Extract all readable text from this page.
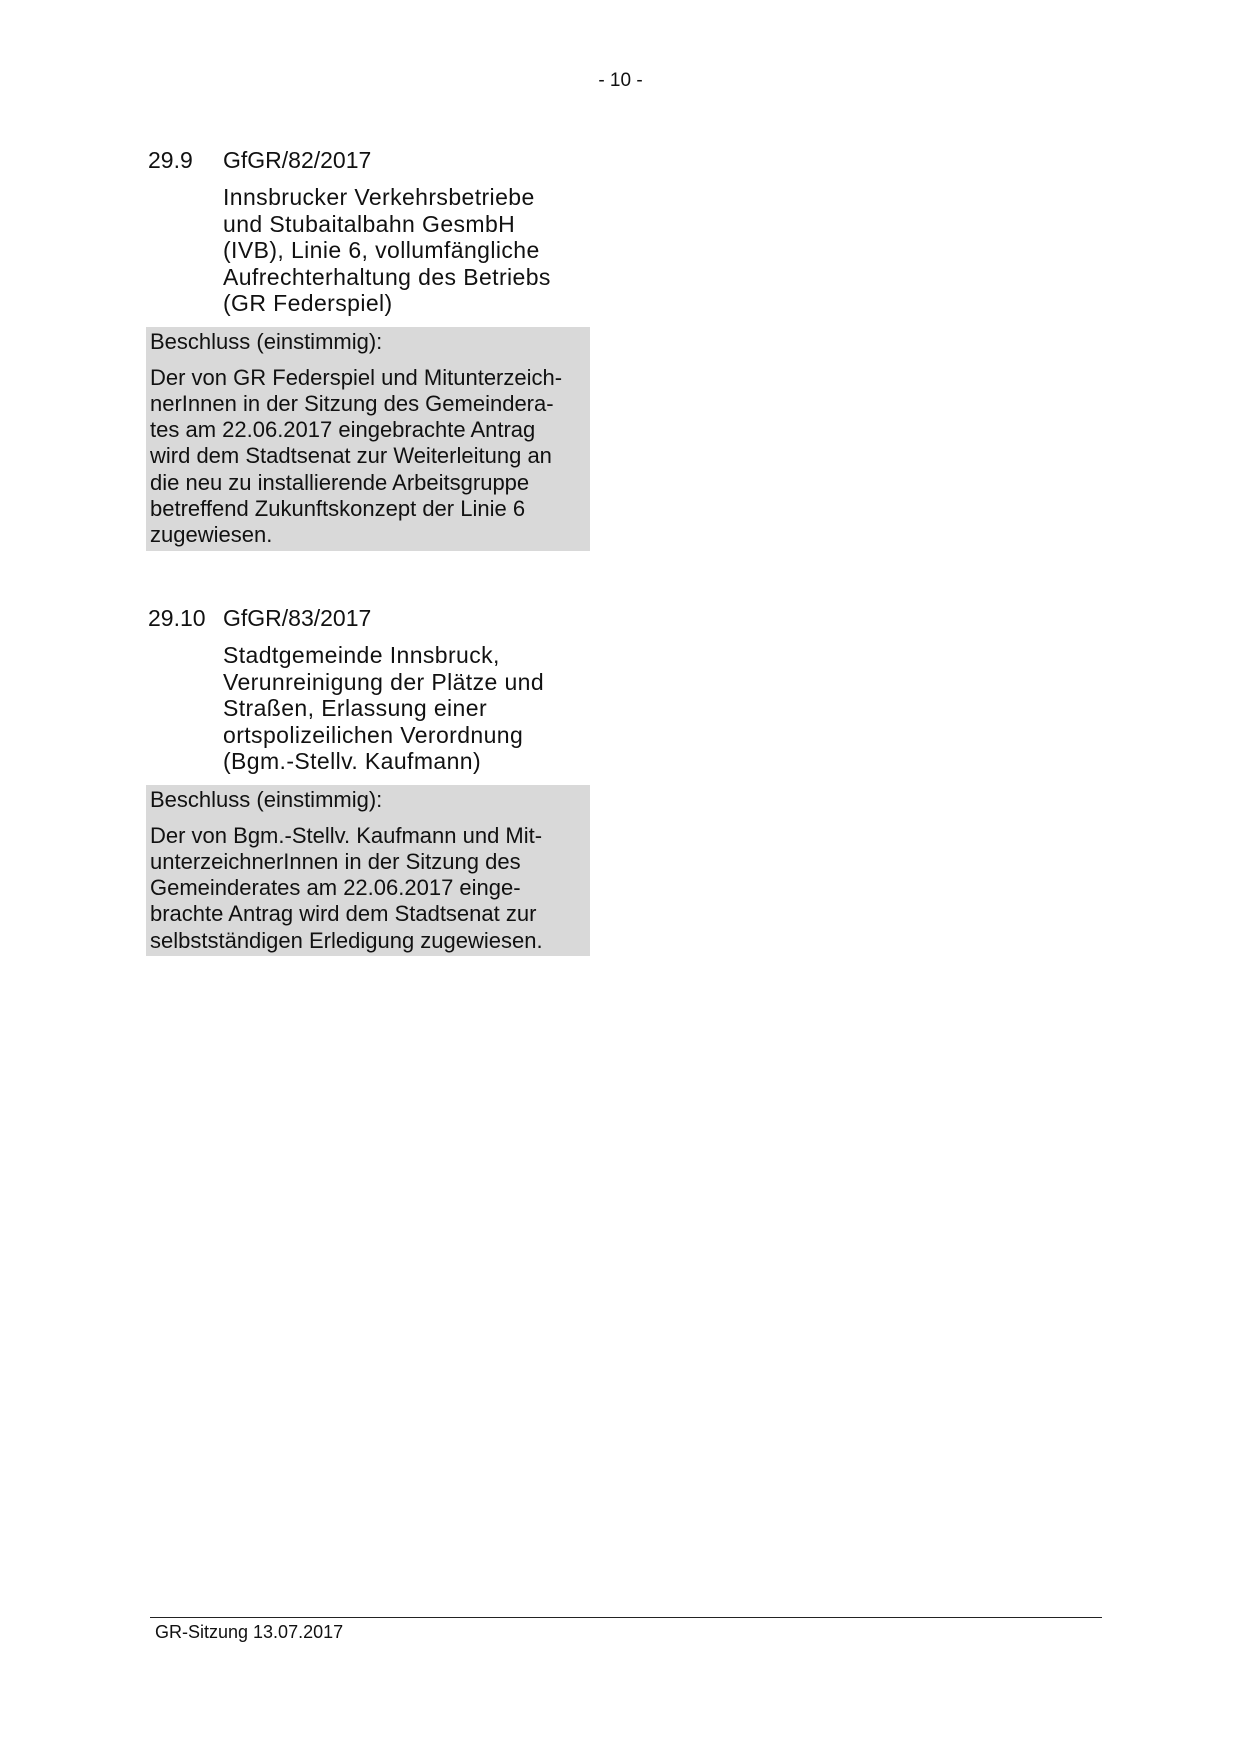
- 10 -
29.9	GfGR/82/2017
Innsbrucker Verkehrsbetriebe
und Stubaitalbahn GesmbH
(IVB), Linie 6, vollumfängliche
Aufrechterhaltung des Betriebs
(GR Federspiel)
Beschluss (einstimmig):
Der von GR Federspiel und Mitunterzeich-
nerInnen in der Sitzung des Gemeindera-
tes am 22.06.2017 eingebrachte Antrag
wird dem Stadtsenat zur Weiterleitung an
die neu zu installierende Arbeitsgruppe
betreffend Zukunftskonzept der Linie 6
zugewiesen.
29.10 GfGR/83/2017
Stadtgemeinde Innsbruck,
Verunreinigung der Plätze und
Straßen, Erlassung einer
ortspolizeilichen Verordnung
(Bgm.-Stellv. Kaufmann)
Beschluss (einstimmig):
Der von Bgm.-Stellv. Kaufmann und Mit-
unterzeichnerInnen in der Sitzung des
Gemeinderates am 22.06.2017 einge-
brachte Antrag wird dem Stadtsenat zur
selbstständigen Erledigung zugewiesen.
GR-Sitzung 13.07.2017
